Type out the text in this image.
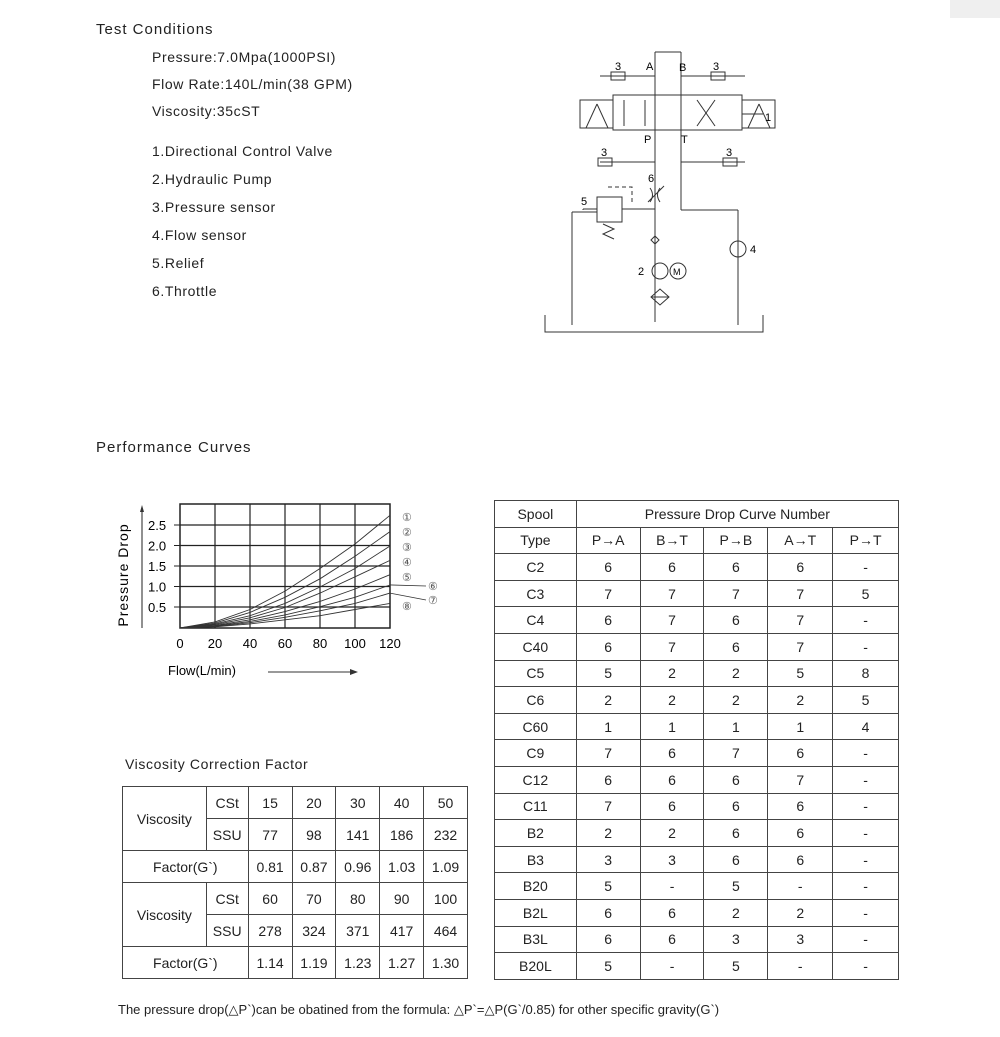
Test Conditions
Pressure:7.0Mpa(1000PSI)
Flow Rate:140L/min(38 GPM)
Viscosity:35cST
1.Directional Control Valve
2.Hydraulic Pump
3.Pressure sensor
4.Flow sensor
5.Relief
6.Throttle
3 A B 3
1
P	T
3	3
6
5
4
2	M
Performance Curves
0 20 40 60 80 100 120
0.5
1.0
1.5
2.0
2.5	①
②
③
④
⑤
⑥
⑦
⑧
Pressure Drop
Flow(L/min)
Viscosity Correction Factor
Viscosity	CSt	15	20	30	40	50
	SSU	77	98	141	186	232
Factor(G`)		0.81	0.87	0.96	1.03	1.09
Viscosity	CSt	60	70	80	90	100
	SSU	278	324	371	417	464
Factor(G`)		1.14	1.19	1.23	1.27	1.30
Spool	Pressure Drop Curve Number				
Type	P→A	B→T	P→B	A→T	P→T
C2	6	6	6	6	-
C3	7	7	7	7	5
C4	6	7	6	7	-
C40	6	7	6	7	-
C5	5	2	2	5	8
C6	2	2	2	2	5
C60	1	1	1	1	4
C9	7	6	7	6	-
C12	6	6	6	7	-
C11	7	6	6	6	-
B2	2	2	6	6	-
B3	3	3	6	6	-
B20	5	-	5	-	-
B2L	6	6	2	2	-
B3L	6	6	3	3	-
B20L	5	-	5	-	-
The pressure drop(△P`)can be obatined from the formula: △P`=△P(G`/0.85) for other specific gravity(G`)
